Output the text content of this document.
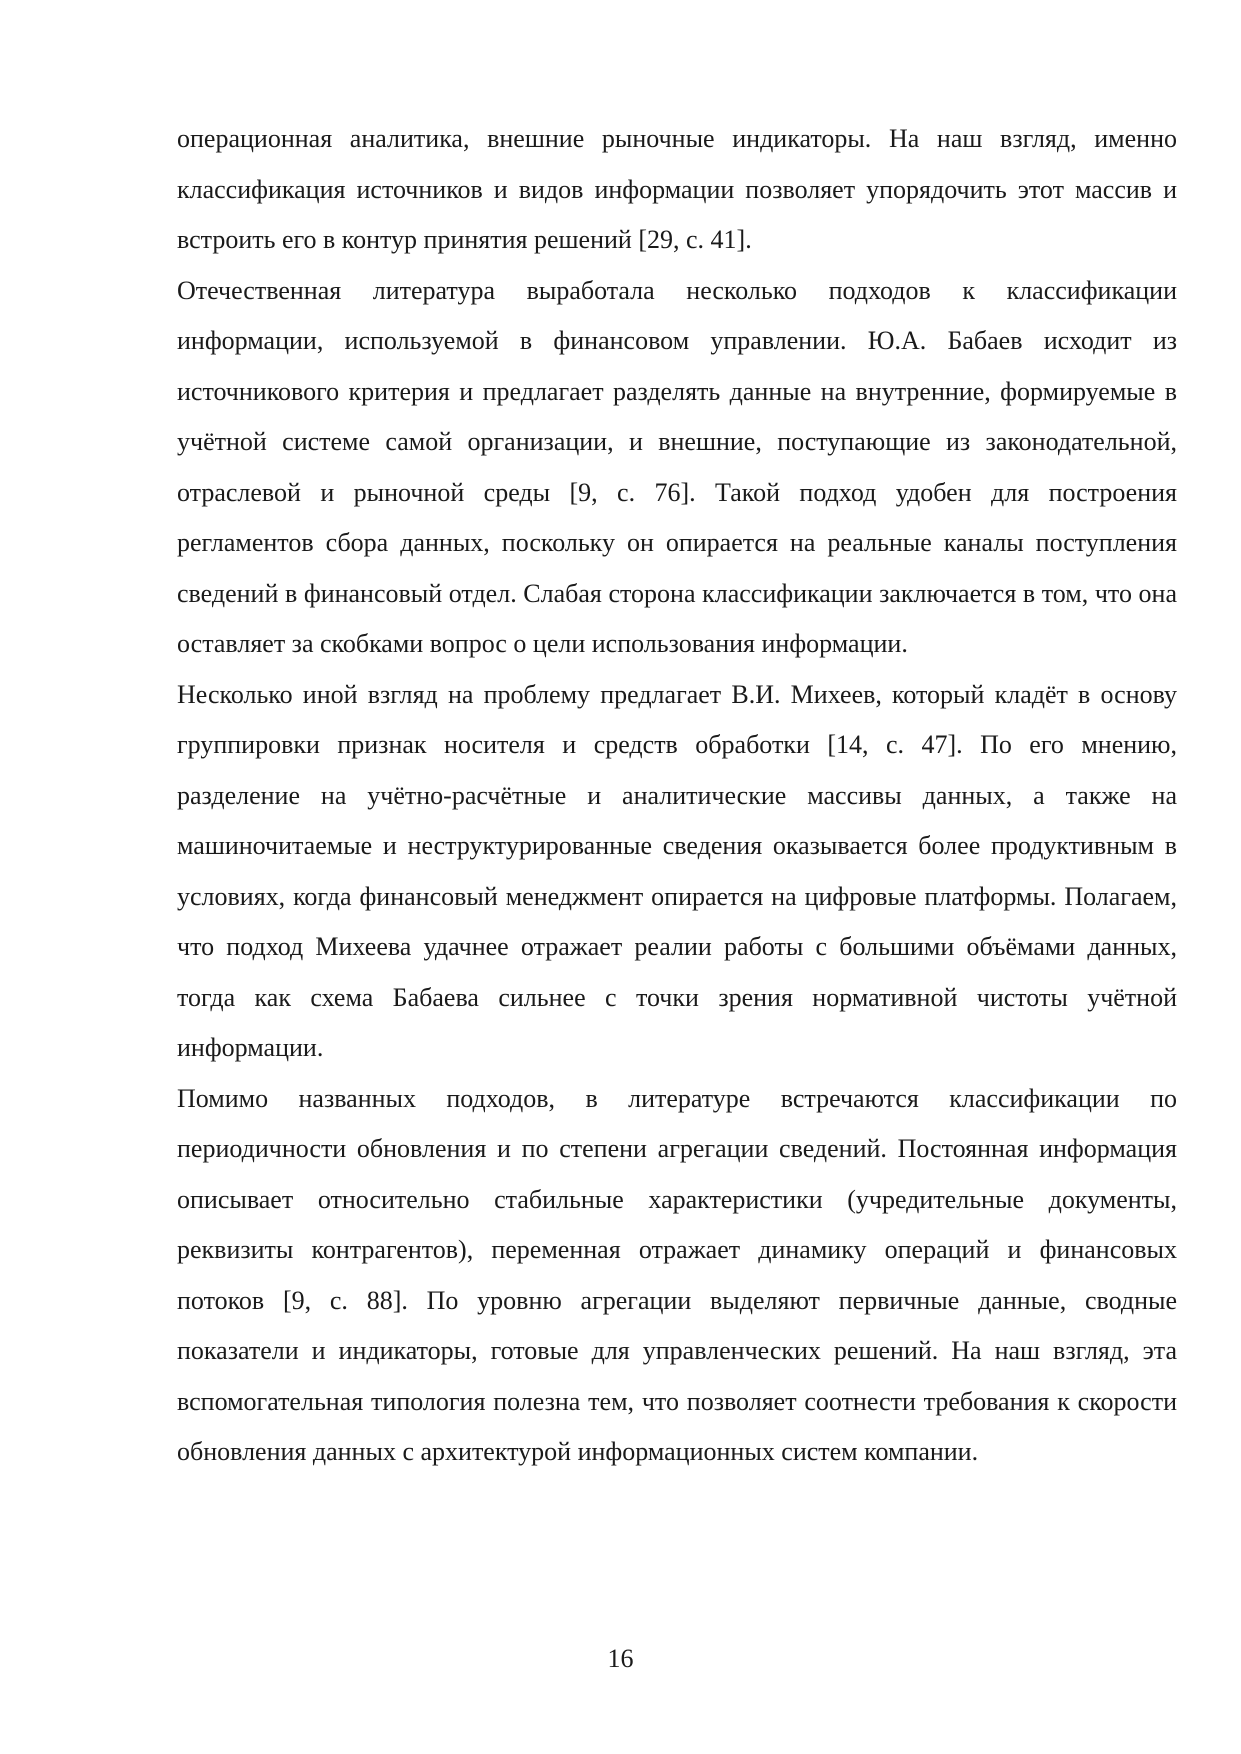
операционная аналитика, внешние рыночные индикаторы. На наш взгляд, именно классификация источников и видов информации позволяет упорядочить этот массив и встроить его в контур принятия решений [29, с. 41].

Отечественная литература выработала несколько подходов к классификации информации, используемой в финансовом управлении. Ю.А. Бабаев исходит из источникового критерия и предлагает разделять данные на внутренние, формируемые в учётной системе самой организации, и внешние, поступающие из законодательной, отраслевой и рыночной среды [9, с. 76]. Такой подход удобен для построения регламентов сбора данных, поскольку он опирается на реальные каналы поступления сведений в финансовый отдел. Слабая сторона классификации заключается в том, что она оставляет за скобками вопрос о цели использования информации.

Несколько иной взгляд на проблему предлагает В.И. Михеев, который кладёт в основу группировки признак носителя и средств обработки [14, с. 47]. По его мнению, разделение на учётно-расчётные и аналитические массивы данных, а также на машиночитаемые и неструктурированные сведения оказывается более продуктивным в условиях, когда финансовый менеджмент опирается на цифровые платформы. Полагаем, что подход Михеева удачнее отражает реалии работы с большими объёмами данных, тогда как схема Бабаева сильнее с точки зрения нормативной чистоты учётной информации.

Помимо названных подходов, в литературе встречаются классификации по периодичности обновления и по степени агрегации сведений. Постоянная информация описывает относительно стабильные характеристики (учредительные документы, реквизиты контрагентов), переменная отражает динамику операций и финансовых потоков [9, с. 88]. По уровню агрегации выделяют первичные данные, сводные показатели и индикаторы, готовые для управленческих решений. На наш взгляд, эта вспомогательная типология полезна тем, что позволяет соотнести требования к скорости обновления данных с архитектурой информационных систем компании.

16
